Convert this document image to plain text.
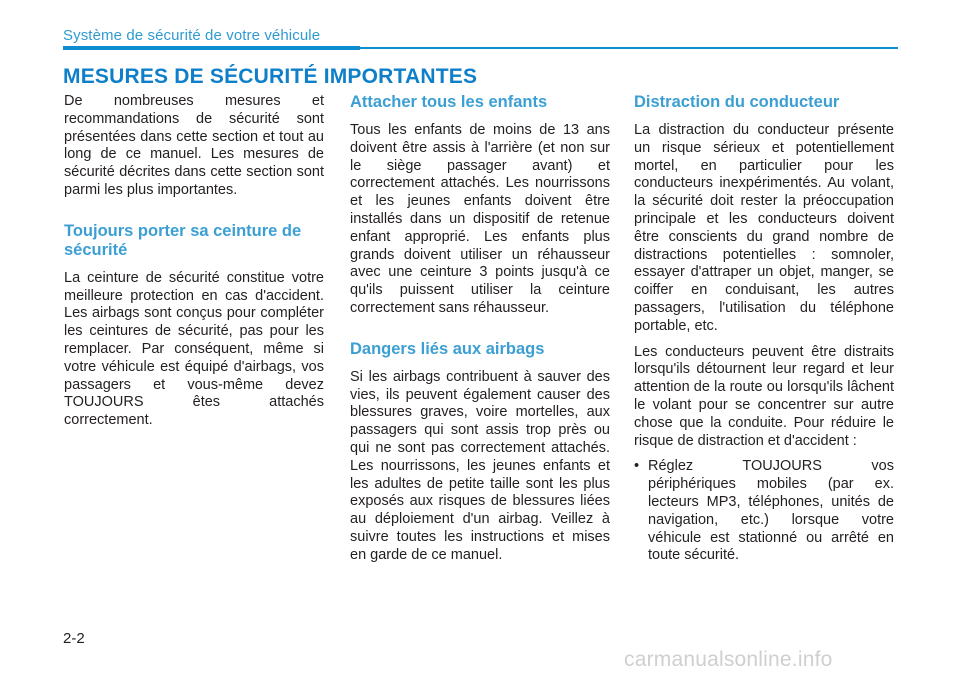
Système de sécurité de votre véhicule
MESURES DE SÉCURITÉ IMPORTANTES

De nombreuses mesures et recommandations de sécurité sont présentées dans cette section et tout au long de ce manuel. Les mesures de sécurité décrites dans cette section sont parmi les plus importantes.

Toujours porter sa ceinture de sécurité

La ceinture de sécurité constitue votre meilleure protection en cas d'accident. Les airbags sont conçus pour compléter les ceintures de sécurité, pas pour les remplacer. Par conséquent, même si votre véhicule est équipé d'airbags, vos passagers et vous-même devez TOUJOURS êtes attachés correctement.

Attacher tous les enfants

Tous les enfants de moins de 13 ans doivent être assis à l'arrière (et non sur le siège passager avant) et correctement attachés. Les nourrissons et les jeunes enfants doivent être installés dans un dispositif de retenue enfant approprié. Les enfants plus grands doivent utiliser un réhausseur avec une ceinture 3 points jusqu'à ce qu'ils puissent utiliser la ceinture correctement sans réhausseur.

Dangers liés aux airbags

Si les airbags contribuent à sauver des vies, ils peuvent également causer des blessures graves, voire mortelles, aux passagers qui sont assis trop près ou qui ne sont pas correctement attachés. Les nourrissons, les jeunes enfants et les adultes de petite taille sont les plus exposés aux risques de blessures liées au déploiement d'un airbag. Veillez à suivre toutes les instructions et mises en garde de ce manuel.

Distraction du conducteur

La distraction du conducteur présente un risque sérieux et potentiellement mortel, en particulier pour les conducteurs inexpérimentés. Au volant, la sécurité doit rester la préoccupation principale et les conducteurs doivent être conscients du grand nombre de distractions potentielles : somnoler, essayer d'attraper un objet, manger, se coiffer en conduisant, les autres passagers, l'utilisation du téléphone portable, etc.

Les conducteurs peuvent être distraits lorsqu'ils détournent leur regard et leur attention de la route ou lorsqu'ils lâchent le volant pour se concentrer sur autre chose que la conduite. Pour réduire le risque de distraction et d'accident :

• Réglez TOUJOURS vos périphériques mobiles (par ex. lecteurs MP3, téléphones, unités de navigation, etc.) lorsque votre véhicule est stationné ou arrêté en toute sécurité.

2-2
carmanualsonline.info
